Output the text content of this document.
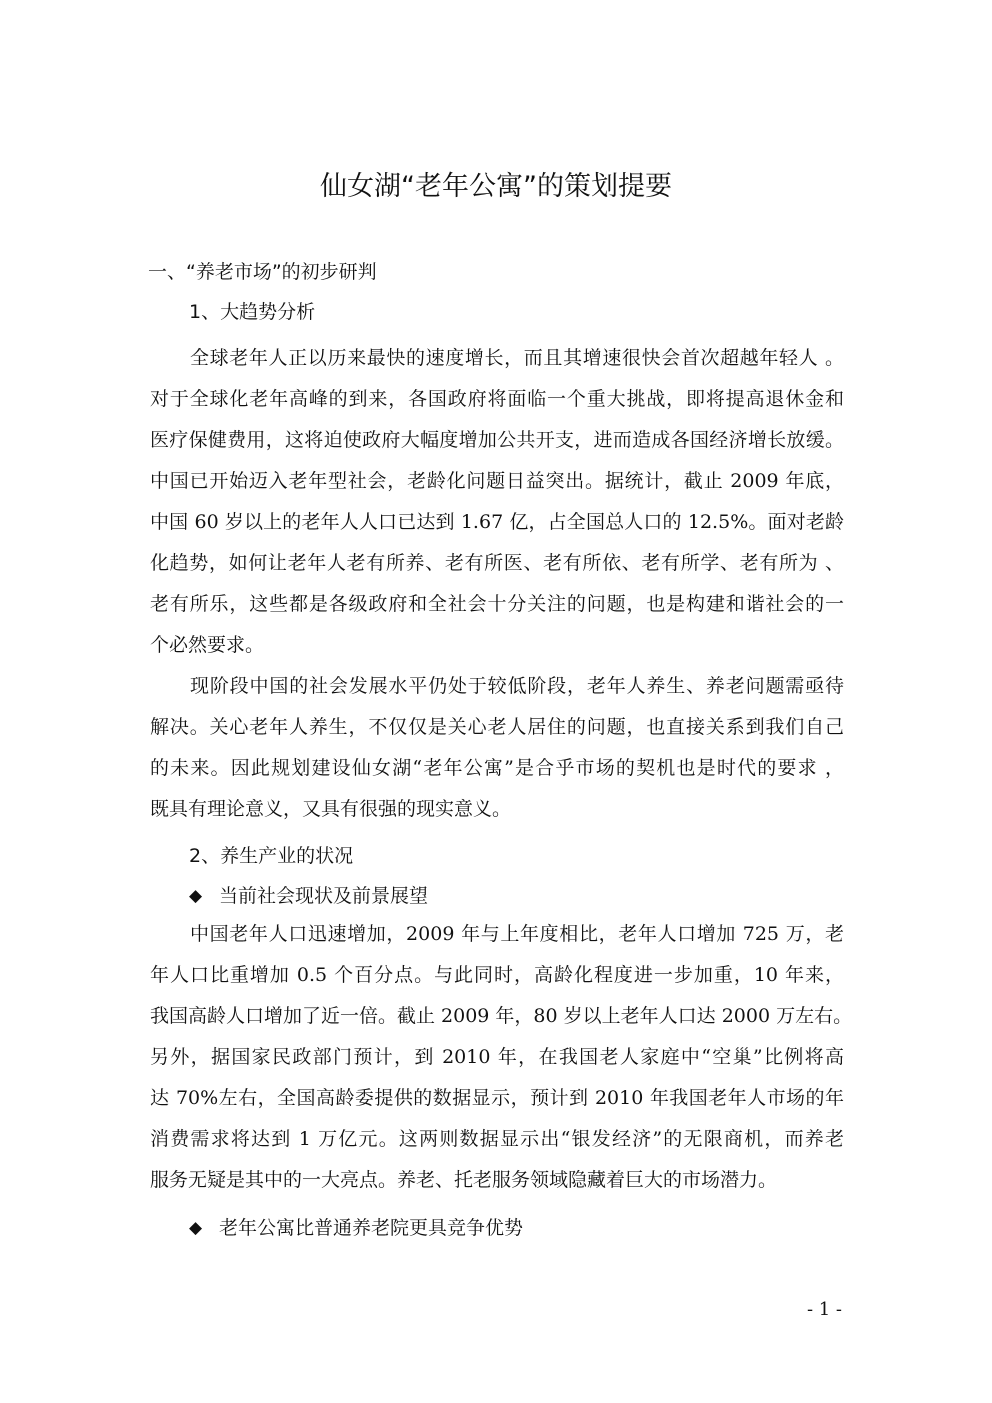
仙女湖“老年公寓”的策划提要
一、“养老市场”的初步研判
1、大趋势分析
全球老年人正以历来最快的速度增长，而且其增速很快会首次超越年轻人 。
对于全球化老年高峰的到来，各国政府将面临一个重大挑战，即将提高退休金和
医疗保健费用，这将迫使政府大幅度增加公共开支，进而造成各国经济增长放缓。
中国已开始迈入老年型社会，老龄化问题日益突出。据统计，截止 2009 年底，
中国 60 岁以上的老年人人口已达到 1.67 亿，占全国总人口的 12.5%。面对老龄
化趋势，如何让老年人老有所养、老有所医、老有所依、老有所学、老有所为 、
老有所乐，这些都是各级政府和全社会十分关注的问题，也是构建和谐社会的一
个必然要求。
现阶段中国的社会发展水平仍处于较低阶段，老年人养生、养老问题需亟待
解决。关心老年人养生，不仅仅是关心老人居住的问题，也直接关系到我们自己
的未来。因此规划建设仙女湖“老年公寓”是合乎市场的契机也是时代的要求 ，
既具有理论意义，又具有很强的现实意义。
2、养生产业的状况
◆ 当前社会现状及前景展望
中国老年人口迅速增加，2009 年与上年度相比，老年人口增加 725 万，老
年人口比重增加 0.5 个百分点。与此同时，高龄化程度进一步加重，10 年来，
我国高龄人口增加了近一倍。截止 2009 年，80 岁以上老年人口达 2000 万左右。
另外，据国家民政部门预计，到 2010 年，在我国老人家庭中“空巢”比例将高
达 70%左右，全国高龄委提供的数据显示，预计到 2010 年我国老年人市场的年
消费需求将达到 1 万亿元。这两则数据显示出“银发经济”的无限商机，而养老
服务无疑是其中的一大亮点。养老、托老服务领域隐藏着巨大的市场潜力。
◆ 老年公寓比普通养老院更具竞争优势
- 1 -
